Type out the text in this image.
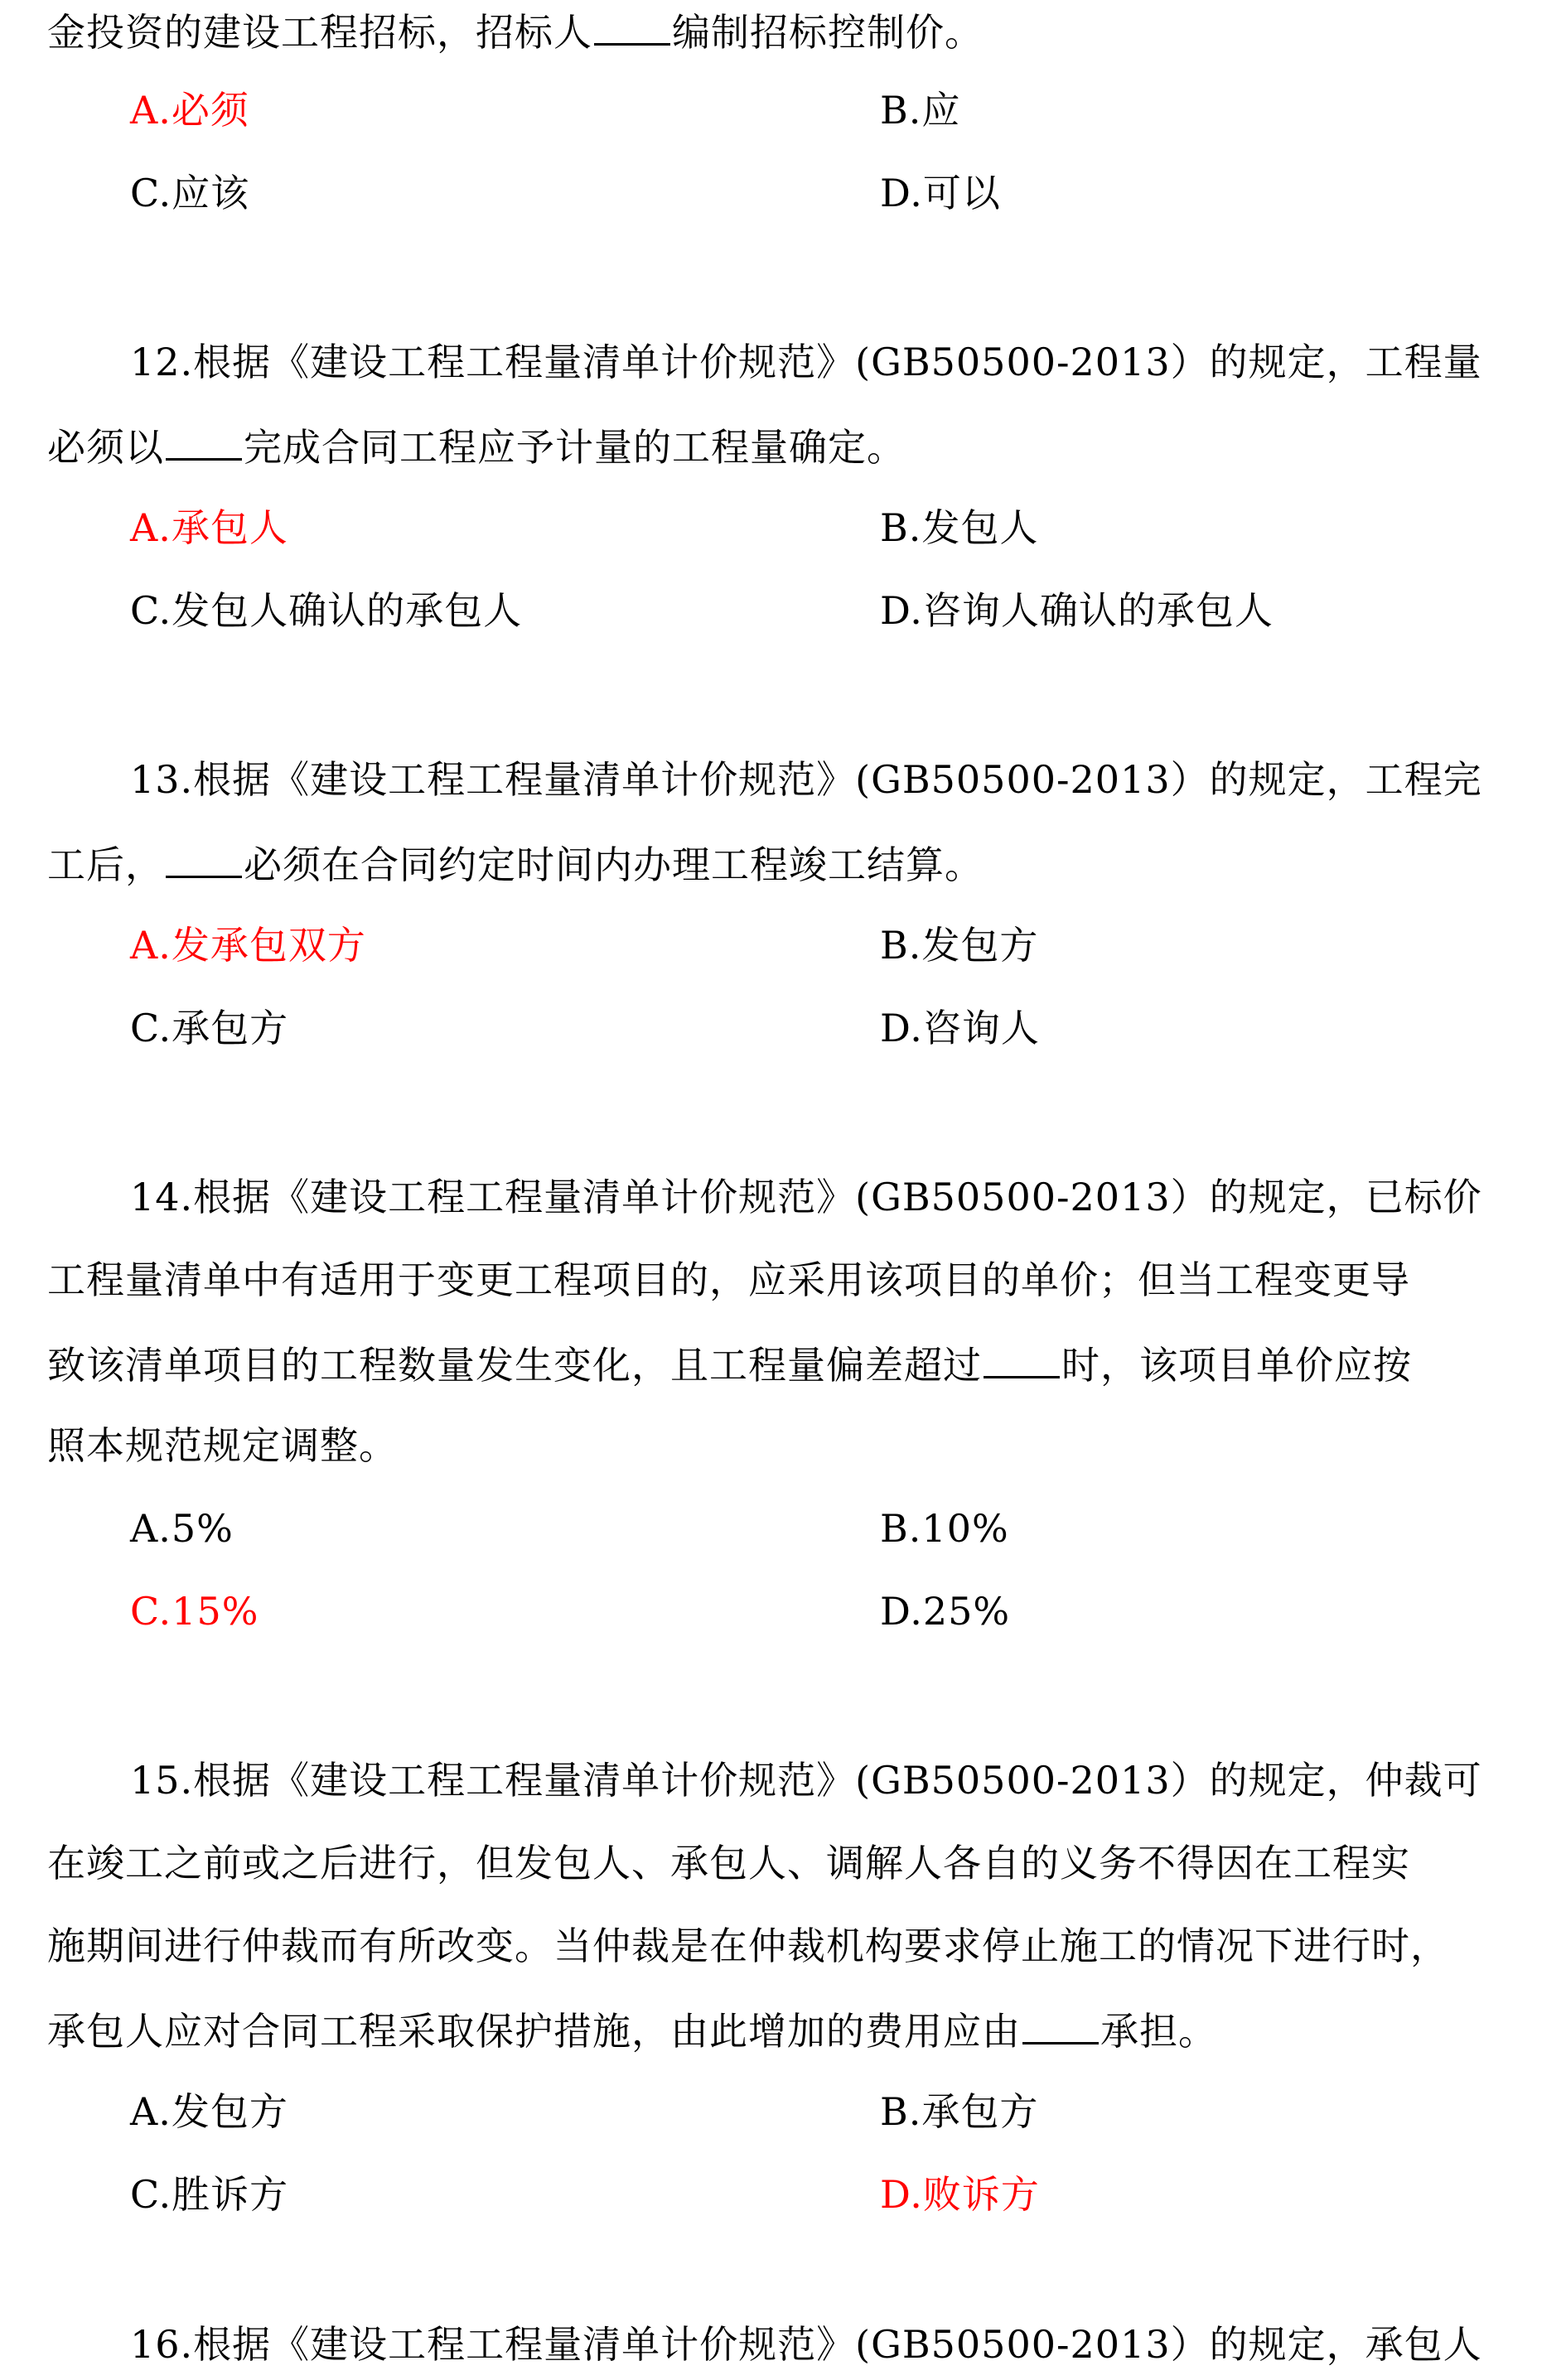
金投资的建设工程招标，招标人 编制招标控制价。
A.必须	B.应
C.应该	D.可以
12.根据《建设工程工程量清单计价规范》(GB50500-2013）的规定，工程量
必须以 完成合同工程应予计量的工程量确定。
A.承包人	B.发包人
C.发包人确认的承包人	D.咨询人确认的承包人
13.根据《建设工程工程量清单计价规范》(GB50500-2013）的规定，工程完
工后， 必须在合同约定时间内办理工程竣工结算。
A.发承包双方	B.发包方
C.承包方	D.咨询人
14.根据《建设工程工程量清单计价规范》(GB50500-2013）的规定，已标价
工程量清单中有适用于变更工程项目的，应采用该项目的单价；但当工程变更导
致该清单项目的工程数量发生变化，且工程量偏差超过 时，该项目单价应按
照本规范规定调整。
A.5%	B.10%
C.15%	D.25%
15.根据《建设工程工程量清单计价规范》(GB50500-2013）的规定，仲裁可
在竣工之前或之后进行，但发包人、承包人、调解人各自的义务不得因在工程实
施期间进行仲裁而有所改变。当仲裁是在仲裁机构要求停止施工的情况下进行时，
承包人应对合同工程采取保护措施，由此增加的费用应由 承担。
A.发包方	B.承包方
C.胜诉方	D.败诉方
16.根据《建设工程工程量清单计价规范》(GB50500-2013）的规定，承包人
